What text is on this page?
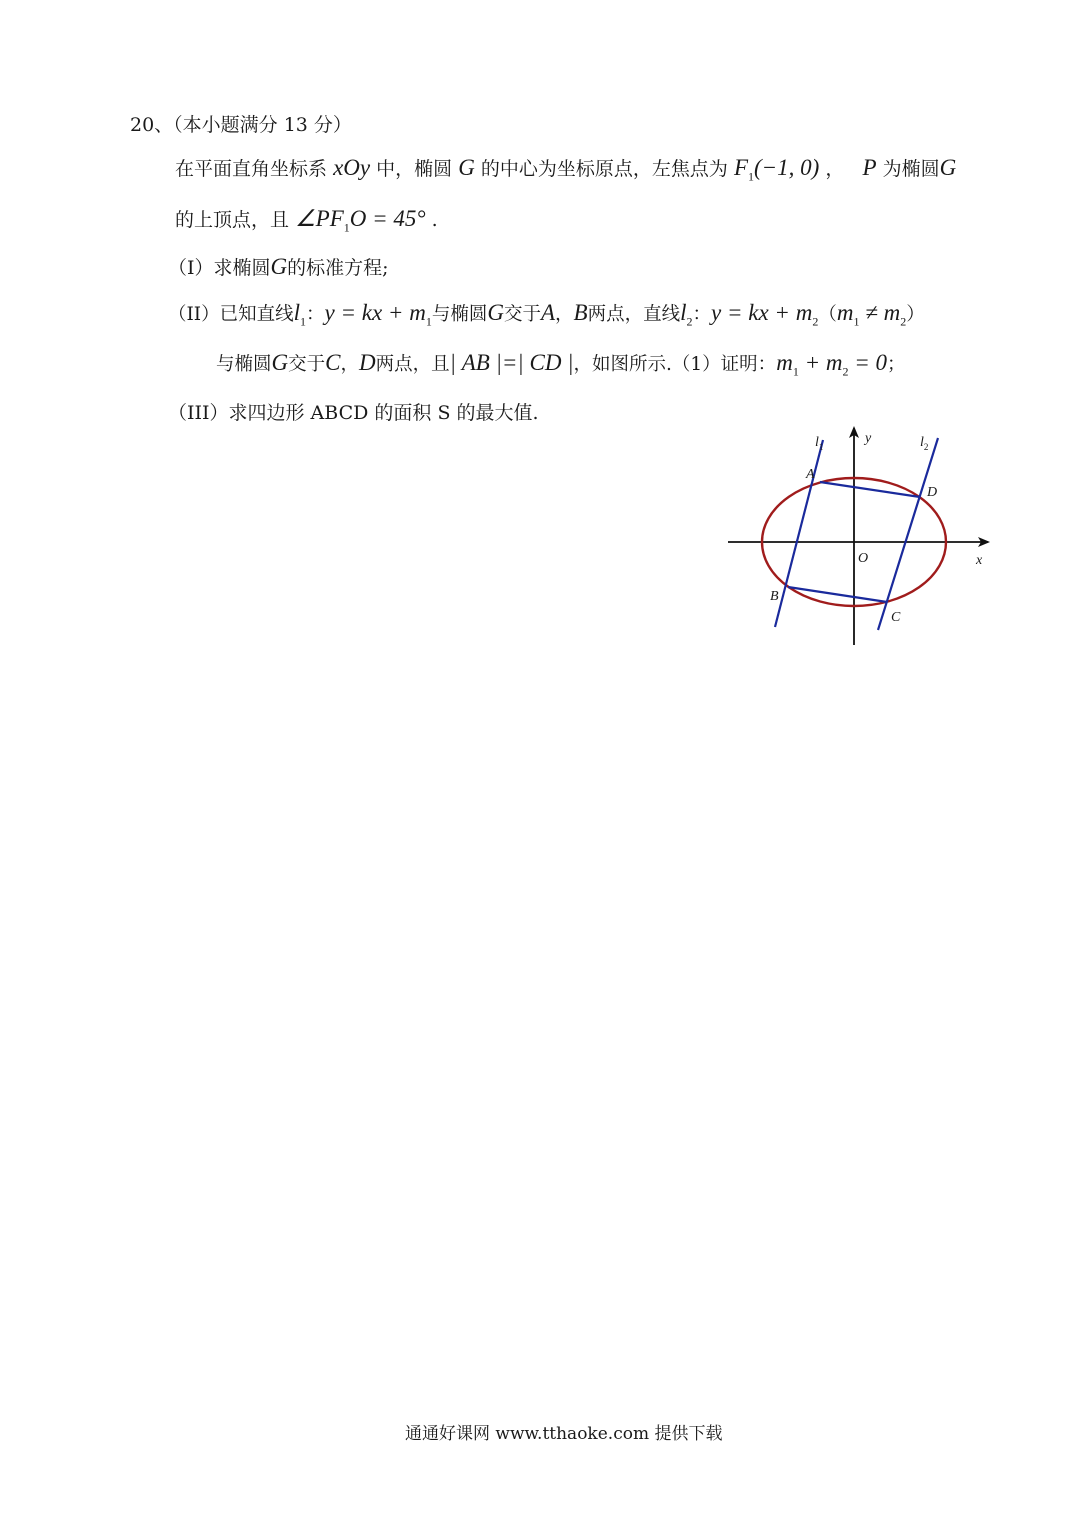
20、（本小题满分 13 分）
在平面直角坐标系 xOy 中，椭圆 G 的中心为坐标原点，左焦点为 $F_1(-1$, 0) ， P 为椭圆G
的上顶点，且 $\angle PF_1O = 45^\circ$ .
（Ⅰ）求椭圆G的标准方程;
（II）已知直线$l_1$：y = kx + $m_1$与椭圆G交于A，B两点，直线$l_2$：y = kx + $m_2(m_1 \ne m_2)$
与椭圆G交于C，D两点，且| AB |=| CD |，如图所示.（1）证明：$m_1 + m_2 = 0$；
（III）求四边形 ABCD 的面积 S 的最大值.
$l_1$	$l_2$
y
x
O
A
B
C
D
通通好课网 www.tthaoke.com 提供下载
